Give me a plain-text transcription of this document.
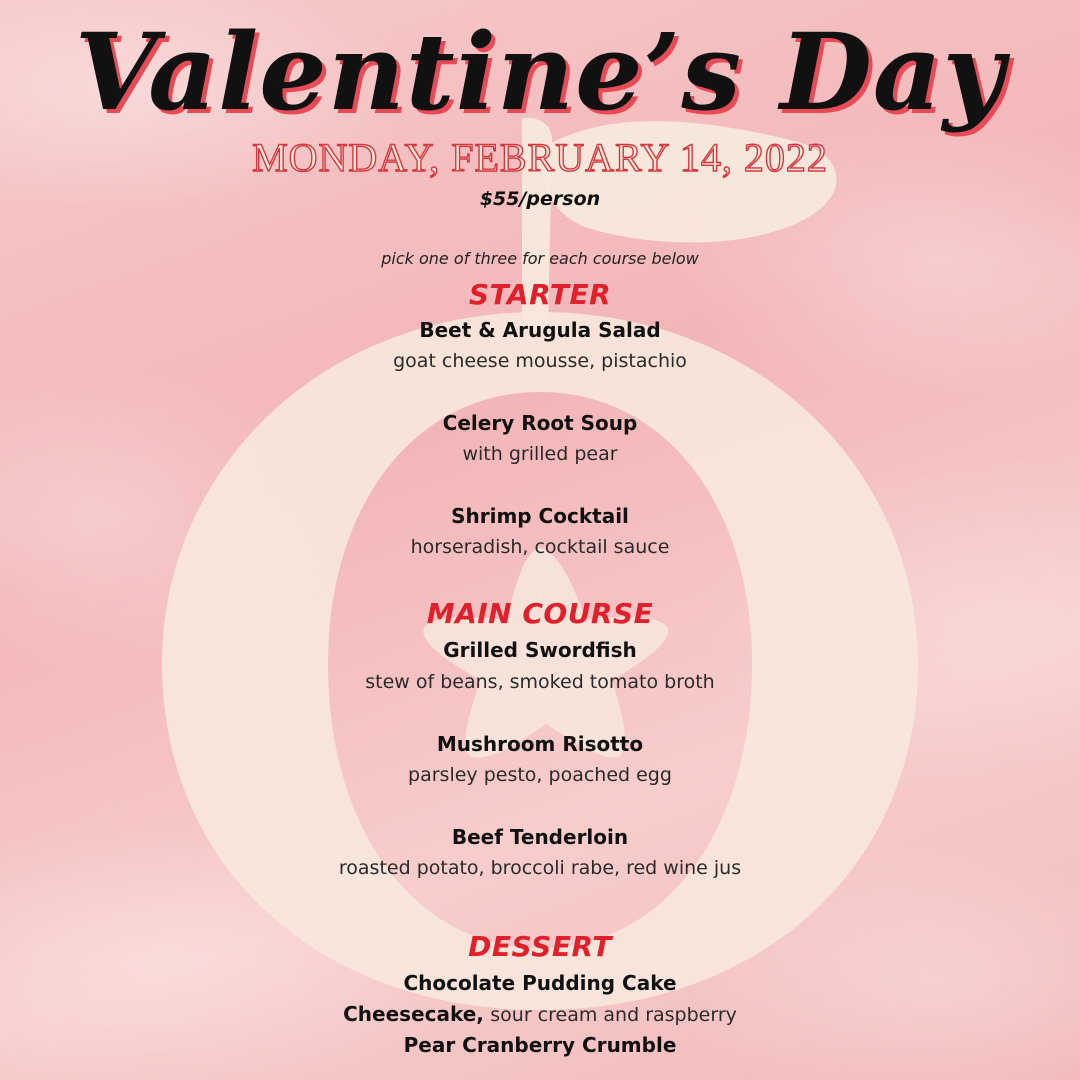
Valentine’s Day
MONDAY, FEBRUARY 14, 2022
$55/person
pick one of three for each course below
STARTER
Beet & Arugula Salad
goat cheese mousse, pistachio
Celery Root Soup
with grilled pear
Shrimp Cocktail
horseradish, cocktail sauce
MAIN COURSE
Grilled Swordfish
stew of beans, smoked tomato broth
Mushroom Risotto
parsley pesto, poached egg
Beef Tenderloin
roasted potato, broccoli rabe, red wine jus
DESSERT
Chocolate Pudding Cake
Cheesecake, sour cream and raspberry
Pear Cranberry Crumble
